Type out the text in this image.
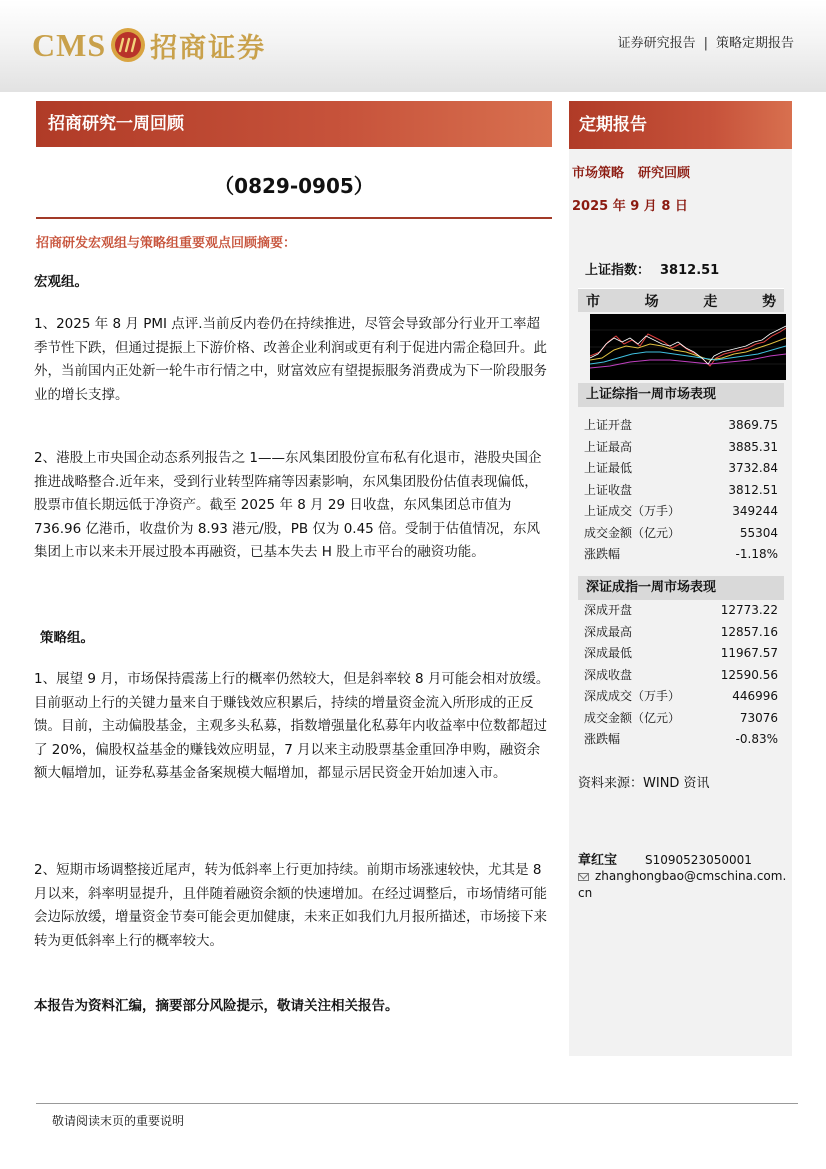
CMS 招商证券	证券研究报告 | 策略定期报告
招商研究一周回顾
（0829-0905）
招商研发宏观组与策略组重要观点回顾摘要：
宏观组。
1、2025 年 8 月 PMI 点评.当前反内卷仍在持续推进，尽管会导致部分行业开工率超季节性下跌，但通过提振上下游价格、改善企业利润或更有利于促进内需企稳回升。此外，当前国内正处新一轮牛市行情之中，财富效应有望提振服务消费成为下一阶段服务业的增长支撑。
2、港股上市央国企动态系列报告之 1——东风集团股份宣布私有化退市，港股央国企推进战略整合.近年来，受到行业转型阵痛等因素影响，东风集团股份估值表现偏低，股票市值长期远低于净资产。截至 2025 年 8 月 29 日收盘，东风集团总市值为 736.96 亿港币，收盘价为 8.93 港元/股，PB 仅为 0.45 倍。受制于估值情况，东风集团上市以来未开展过股本再融资，已基本失去 H 股上市平台的融资功能。
策略组。
1、展望 9 月，市场保持震荡上行的概率仍然较大，但是斜率较 8 月可能会相对放缓。目前驱动上行的关键力量来自于赚钱效应积累后，持续的增量资金流入所形成的正反馈。目前，主动偏股基金，主观多头私募，指数增强量化私募年内收益率中位数都超过了 20%，偏股权益基金的赚钱效应明显，7 月以来主动股票基金重回净申购，融资余额大幅增加，证券私募基金备案规模大幅增加，都显示居民资金开始加速入市。
2、短期市场调整接近尾声，转为低斜率上行更加持续。前期市场涨速较快，尤其是 8 月以来，斜率明显提升，且伴随着融资余额的快速增加。在经过调整后，市场情绪可能会边际放缓，增量资金节奏可能会更加健康，未来正如我们九月报所描述，市场接下来转为更低斜率上行的概率较大。
本报告为资料汇编，摘要部分风险提示，敬请关注相关报告。
定期报告
市场策略 研究回顾
2025 年 9 月 8 日
上证指数： 3812.51
市	场	走	势
上证综指一周市场表现
上证开盘	3869.75
上证最高	3885.31
上证最低	3732.84
上证收盘	3812.51
上证成交（万手）	349244
成交金额（亿元）	55304
涨跌幅	-1.18%
深证成指一周市场表现
深成开盘	12773.22
深成最高	12857.16
深成最低	11967.57
深成收盘	12590.56
深成成交（万手）	446996
成交金额（亿元）	73076
涨跌幅	-0.83%
资料来源：WIND 资讯
章红宝 S1090523050001
zhanghongbao@cmschina.com.cn
敬请阅读末页的重要说明
